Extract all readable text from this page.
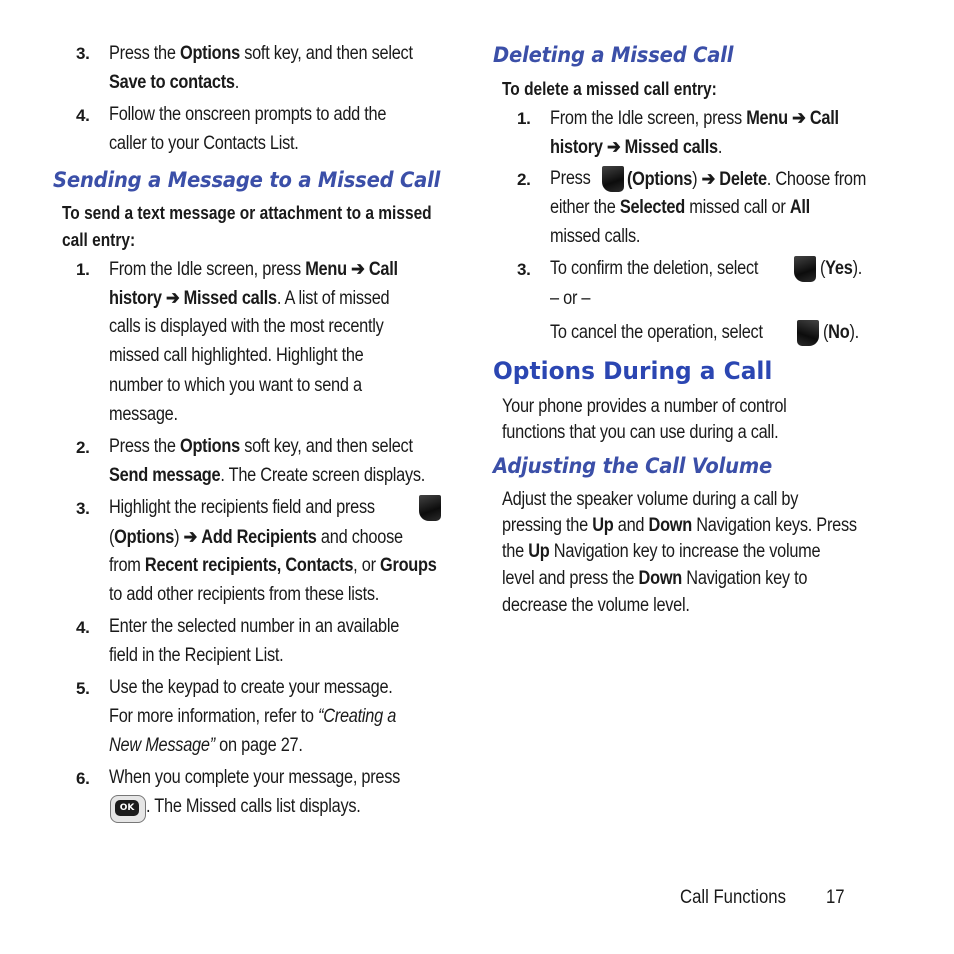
3. Press the Options soft key, and then select
Save to contacts.
4. Follow the onscreen prompts to add the
caller to your Contacts List.
Sending a Message to a Missed Call
To send a text message or attachment to a missed
call entry:
1. From the Idle screen, press Menu ➔ Call
history ➔ Missed calls. A list of missed
calls is displayed with the most recently
missed call highlighted. Highlight the
number to which you want to send a
message.
2. Press the Options soft key, and then select
Send message. The Create screen displays.
3. Highlight the recipients field and press
(Options) ➔ Add Recipients and choose
from Recent recipients, Contacts, or Groups
to add other recipients from these lists.
4. Enter the selected number in an available
field in the Recipient List.
5. Use the keypad to create your message.
For more information, refer to “Creating a
New Message” on page 27.
6. When you complete your message, press
OK . The Missed calls list displays.
Deleting a Missed Call
To delete a missed call entry:
1. From the Idle screen, press Menu ➔ Call
history ➔ Missed calls.
2. Press (Options) ➔ Delete. Choose from
either the Selected missed call or All
missed calls.
3. To confirm the deletion, select	(Yes).
– or –
To cancel the operation, select	(No).
Options During a Call
Your phone provides a number of control
functions that you can use during a call.
Adjusting the Call Volume
Adjust the speaker volume during a call by
pressing the Up and Down Navigation keys. Press
the Up Navigation key to increase the volume
level and press the Down Navigation key to
decrease the volume level.
Call Functions 17
